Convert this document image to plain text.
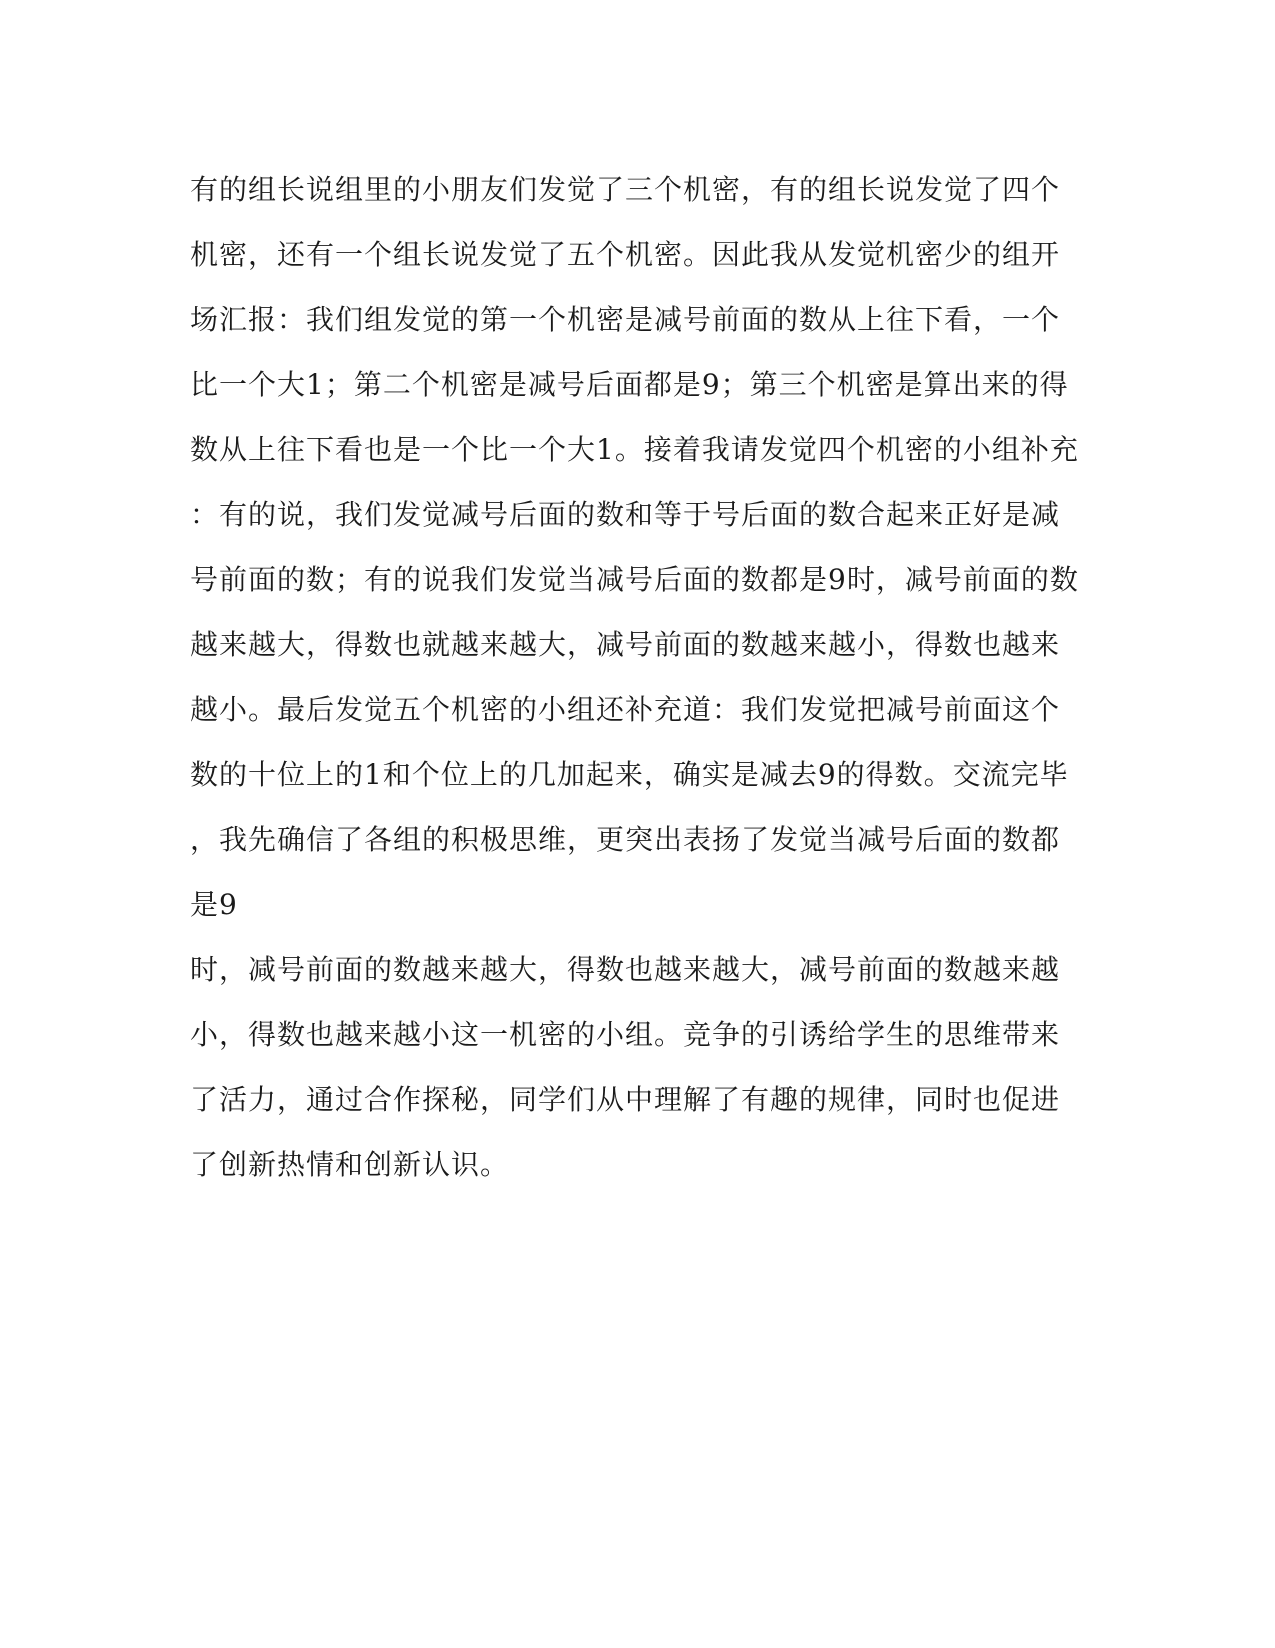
有的组长说组里的小朋友们发觉了三个机密，有的组长说发觉了四个
机密，还有一个组长说发觉了五个机密。因此我从发觉机密少的组开
场汇报：我们组发觉的第一个机密是减号前面的数从上往下看，一个
比一个大1；第二个机密是减号后面都是9；第三个机密是算出来的得
数从上往下看也是一个比一个大1。接着我请发觉四个机密的小组补充
：有的说，我们发觉减号后面的数和等于号后面的数合起来正好是减
号前面的数；有的说我们发觉当减号后面的数都是9时，减号前面的数
越来越大，得数也就越来越大，减号前面的数越来越小，得数也越来
越小。最后发觉五个机密的小组还补充道：我们发觉把减号前面这个
数的十位上的1和个位上的几加起来，确实是减去9的得数。交流完毕
，我先确信了各组的积极思维，更突出表扬了发觉当减号后面的数都
是9
时，减号前面的数越来越大，得数也越来越大，减号前面的数越来越
小，得数也越来越小这一机密的小组。竞争的引诱给学生的思维带来
了活力，通过合作探秘，同学们从中理解了有趣的规律，同时也促进
了创新热情和创新认识。
